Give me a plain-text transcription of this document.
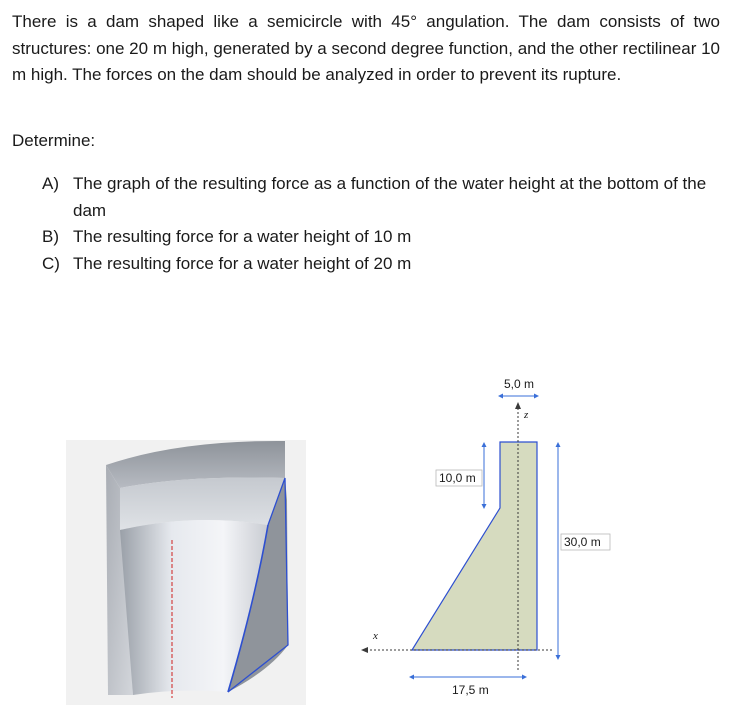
There is a dam shaped like a semicircle with 45° angulation. The dam consists of two structures: one 20 m high, generated by a second degree function, and the other rectilinear 10 m high. The forces on the dam should be analyzed in order to prevent its rupture.

Determine:

A) The graph of the resulting force as a function of the water height at the bottom of the dam
B) The resulting force for a water height of 10 m
C) The resulting force for a water height of 20 m
z
x
5,0 m
10,0 m
30,0 m
17,5 m
